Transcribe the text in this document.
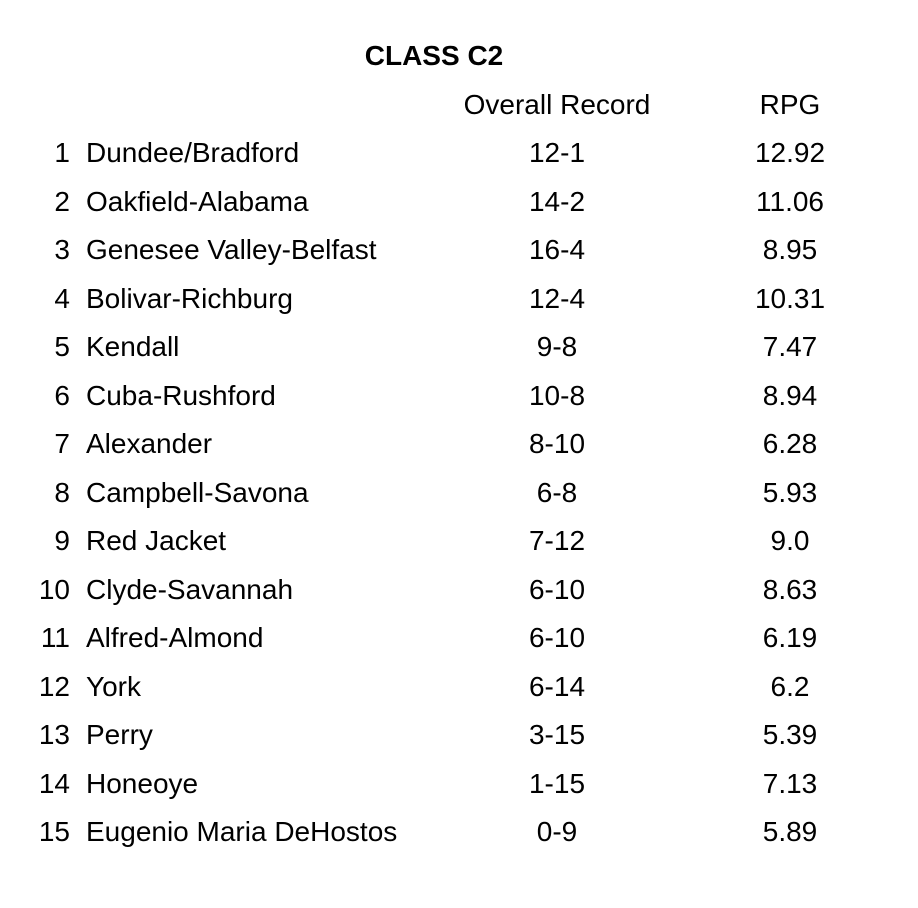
CLASS C2
Overall Record	RPG
1 Dundee/Bradford	12-1	12.92
2 Oakfield-Alabama	14-2	11.06
3 Genesee Valley-Belfast	16-4	8.95
4 Bolivar-Richburg	12-4	10.31
5 Kendall	9-8	7.47
6 Cuba-Rushford	10-8	8.94
7 Alexander	8-10	6.28
8 Campbell-Savona	6-8	5.93
9 Red Jacket	7-12	9.0
10 Clyde-Savannah	6-10	8.63
11 Alfred-Almond	6-10	6.19
12 York	6-14	6.2
13 Perry	3-15	5.39
14 Honeoye	1-15	7.13
15 Eugenio Maria DeHostos	0-9	5.89
